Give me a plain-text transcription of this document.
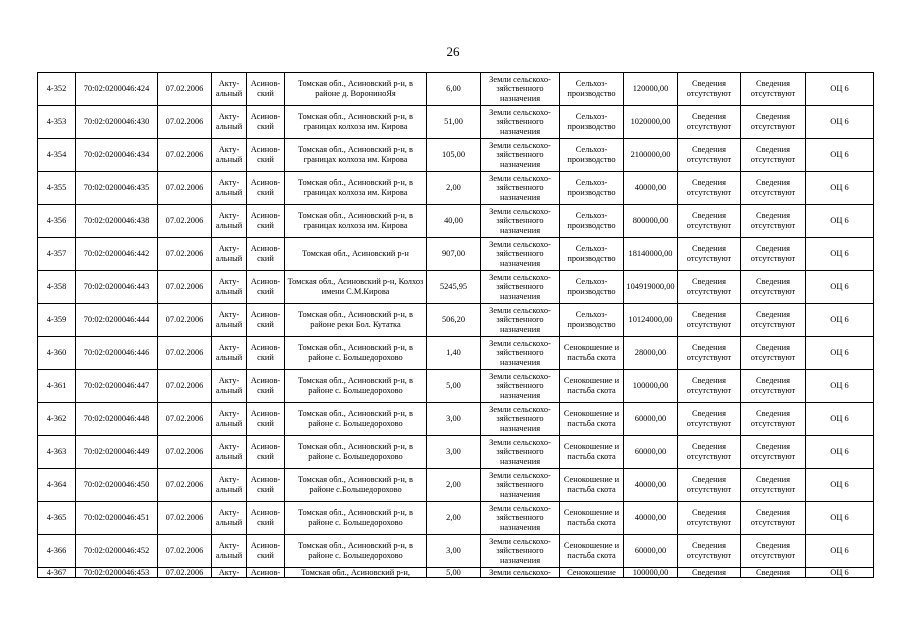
26
4-352	70:02:0200046:424	07.02.2006	Акту-альный	Асинов-ский	Томская обл., Асиновский р-н, в районе д. ВорониноЯя	6,00	Земли сельскохо-зяйственного назначения	Сельхоз-производство	120000,00	Сведения отсутствуют	Сведения отсутствуют	ОЦ 6
4-353	70:02:0200046:430	07.02.2006	Акту-альный	Асинов-ский	Томская обл., Асиновский р-н, в границах колхоза им. Кирова	51,00	Земли сельскохо-зяйственного назначения	Сельхоз-производство	1020000,00	Сведения отсутствуют	Сведения отсутствуют	ОЦ 6
4-354	70:02:0200046:434	07.02.2006	Акту-альный	Асинов-ский	Томская обл., Асиновский р-н, в границах колхоза им. Кирова	105,00	Земли сельскохо-зяйственного назначения	Сельхоз-производство	2100000,00	Сведения отсутствуют	Сведения отсутствуют	ОЦ 6
4-355	70:02:0200046:435	07.02.2006	Акту-альный	Асинов-ский	Томская обл., Асиновский р-н, в границах колхоза им. Кирова	2,00	Земли сельскохо-зяйственного назначения	Сельхоз-производство	40000,00	Сведения отсутствуют	Сведения отсутствуют	ОЦ 6
4-356	70:02:0200046:438	07.02.2006	Акту-альный	Асинов-ский	Томская обл., Асиновский р-н, в границах колхоза им. Кирова	40,00	Земли сельскохо-зяйственного назначения	Сельхоз-производство	800000,00	Сведения отсутствуют	Сведения отсутствуют	ОЦ 6
4-357	70:02:0200046:442	07.02.2006	Акту-альный	Асинов-ский	Томская обл., Асиновский р-н	907,00	Земли сельскохо-зяйственного назначения	Сельхоз-производство	18140000,00	Сведения отсутствуют	Сведения отсутствуют	ОЦ 6
4-358	70:02:0200046:443	07.02.2006	Акту-альный	Асинов-ский	Томская обл., Асиновский р-н, Колхоз имени С.М.Кирова	5245,95	Земли сельскохо-зяйственного назначения	Сельхоз-производство	104919000,00	Сведения отсутствуют	Сведения отсутствуют	ОЦ 6
4-359	70:02:0200046:444	07.02.2006	Акту-альный	Асинов-ский	Томская обл., Асиновский р-н, в районе реки Бол. Кутатка	506,20	Земли сельскохо-зяйственного назначения	Сельхоз-производство	10124000,00	Сведения отсутствуют	Сведения отсутствуют	ОЦ 6
4-360	70:02:0200046:446	07.02.2006	Акту-альный	Асинов-ский	Томская обл., Асиновский р-н, в районе с. Большедорохово	1,40	Земли сельскохо-зяйственного назначения	Сенокошение и пастьба скота	28000,00	Сведения отсутствуют	Сведения отсутствуют	ОЦ 6
4-361	70:02:0200046:447	07.02.2006	Акту-альный	Асинов-ский	Томская обл., Асиновский р-н, в районе с. Большедорохово	5,00	Земли сельскохо-зяйственного назначения	Сенокошение и пастьба скота	100000,00	Сведения отсутствуют	Сведения отсутствуют	ОЦ 6
4-362	70:02:0200046:448	07.02.2006	Акту-альный	Асинов-ский	Томская обл., Асиновский р-н, в районе с. Большедорохово	3,00	Земли сельскохо-зяйственного назначения	Сенокошение и пастьба скота	60000,00	Сведения отсутствуют	Сведения отсутствуют	ОЦ 6
4-363	70:02:0200046:449	07.02.2006	Акту-альный	Асинов-ский	Томская обл., Асиновский р-н, в районе с. Большедорохово	3,00	Земли сельскохо-зяйственного назначения	Сенокошение и пастьба скота	60000,00	Сведения отсутствуют	Сведения отсутствуют	ОЦ 6
4-364	70:02:0200046:450	07.02.2006	Акту-альный	Асинов-ский	Томская обл., Асиновский р-н, в районе с.Большедорохово	2,00	Земли сельскохо-зяйственного назначения	Сенокошение и пастьба скота	40000,00	Сведения отсутствуют	Сведения отсутствуют	ОЦ 6
4-365	70:02:0200046:451	07.02.2006	Акту-альный	Асинов-ский	Томская обл., Асиновский р-н, в районе с. Большедорохово	2,00	Земли сельскохо-зяйственного назначения	Сенокошение и пастьба скота	40000,00	Сведения отсутствуют	Сведения отсутствуют	ОЦ 6
4-366	70:02:0200046:452	07.02.2006	Акту-альный	Асинов-ский	Томская обл., Асиновский р-н, в районе с. Большедорохово	3,00	Земли сельскохо-зяйственного назначения	Сенокошение и пастьба скота	60000,00	Сведения отсутствуют	Сведения отсутствуют	ОЦ 6
4-367	70:02:0200046:453	07.02.2006	Акту-	Асинов-	Томская обл., Асиновский р-н,	5,00	Земли сельскохо-	Сенокошение	100000,00	Сведения	Сведения	ОЦ 6
